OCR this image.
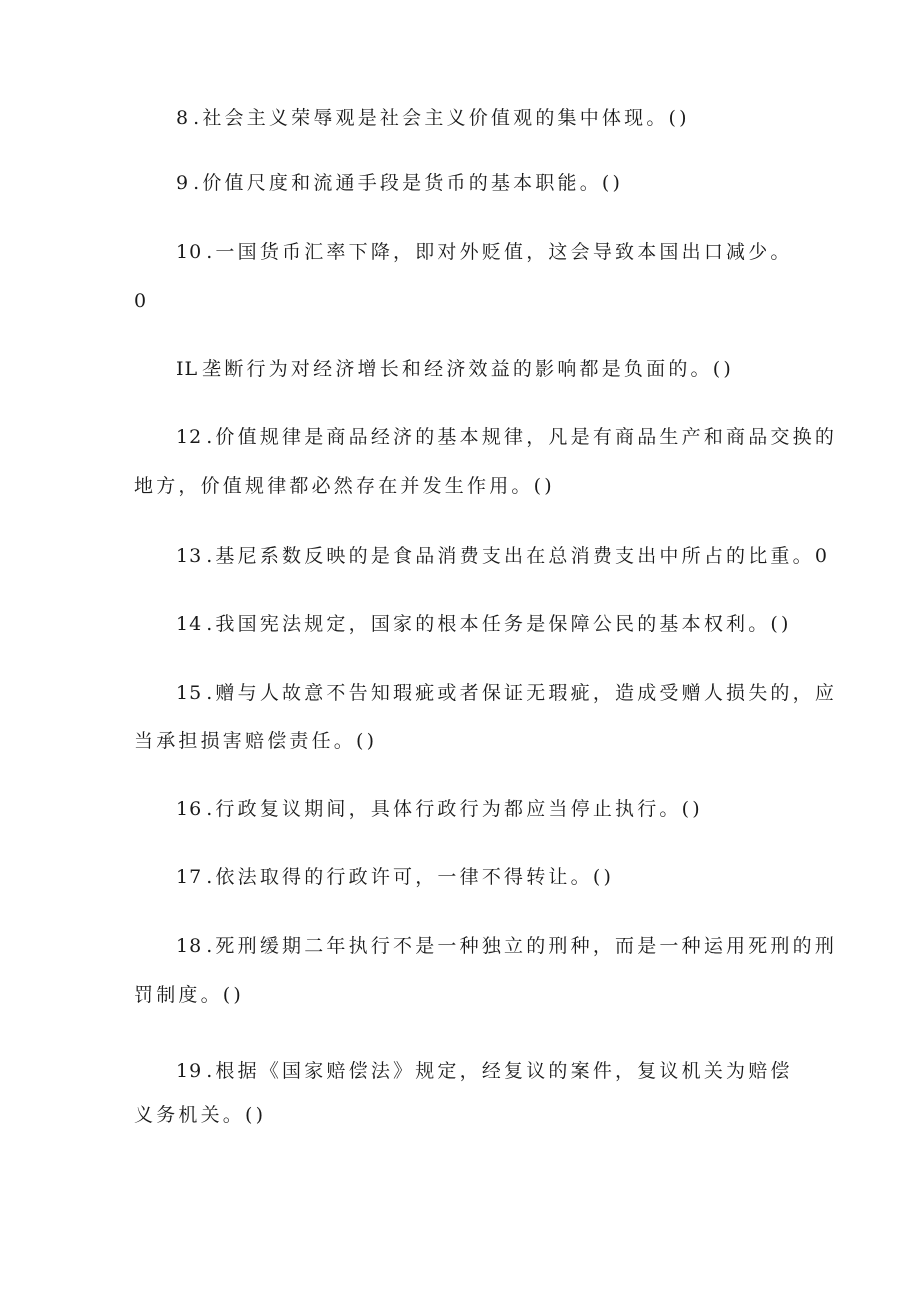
8 .社会主义荣辱观是社会主义价值观的集中体现。()
9 .价值尺度和流通手段是货币的基本职能。()
10 .一国货币汇率下降，即对外贬值，这会导致本国出口减少。
0
IL 垄断行为对经济增长和经济效益的影响都是负面的。()
12 .价值规律是商品经济的基本规律，凡是有商品生产和商品交换的
地方，价值规律都必然存在并发生作用。()
13 .基尼系数反映的是食品消费支出在总消费支出中所占的比重。0
14 .我国宪法规定，国家的根本任务是保障公民的基本权利。()
15 .赠与人故意不告知瑕疵或者保证无瑕疵，造成受赠人损失的，应
当承担损害赔偿责任。()
16 .行政复议期间，具体行政行为都应当停止执行。()
17 .依法取得的行政许可，一律不得转让。()
18 .死刑缓期二年执行不是一种独立的刑种，而是一种运用死刑的刑
罚制度。()
19 .根据《国家赔偿法》规定，经复议的案件，复议机关为赔偿
义务机关。()
